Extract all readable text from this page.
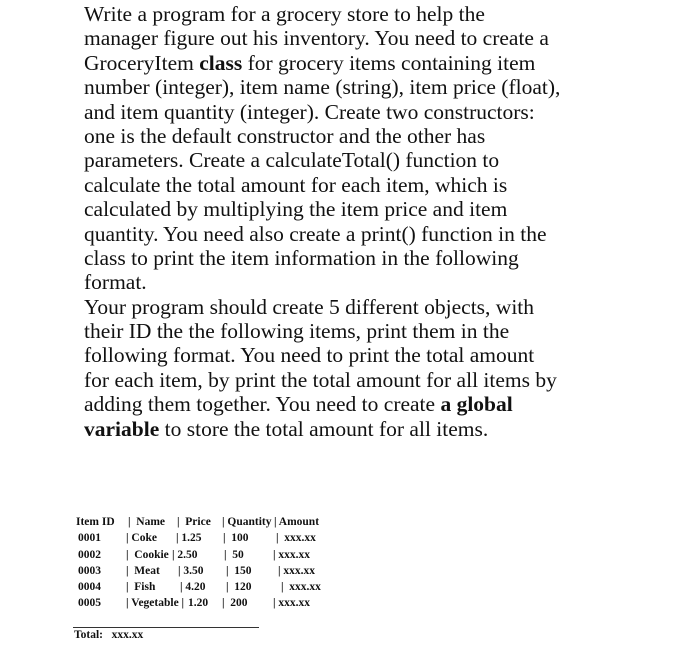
Write a program for a grocery store to help the
manager figure out his inventory. You need to create a
GroceryItem class for grocery items containing item
number (integer), item name (string), item price (float),
and item quantity (integer). Create two constructors:
one is the default constructor and the other has
parameters. Create a calculateTotal() function to
calculate the total amount for each item, which is
calculated by multiplying the item price and item
quantity. You need also create a print() function in the
class to print the item information in the following
format.
Your program should create 5 different objects, with
their ID the the following items, print them in the
following format. You need to print the total amount
for each item, by print the total amount for all items by
adding them together. You need to create a global
variable to store the total amount for all items.
Item ID |  Name |  Price | Quantity | Amount
0001 | Coke | 1.25 |  100 |  xxx.xx
0002 |  Cookie | 2.50 |  50	| xxx.xx
0003 |  Meat | 3.50 |  150 | xxx.xx
0004 |  Fish | 4.20 |  120	|  xxx.xx
0005 | Vegetable | 1.20 |  200 | xxx.xx
Total: xxx.xx
